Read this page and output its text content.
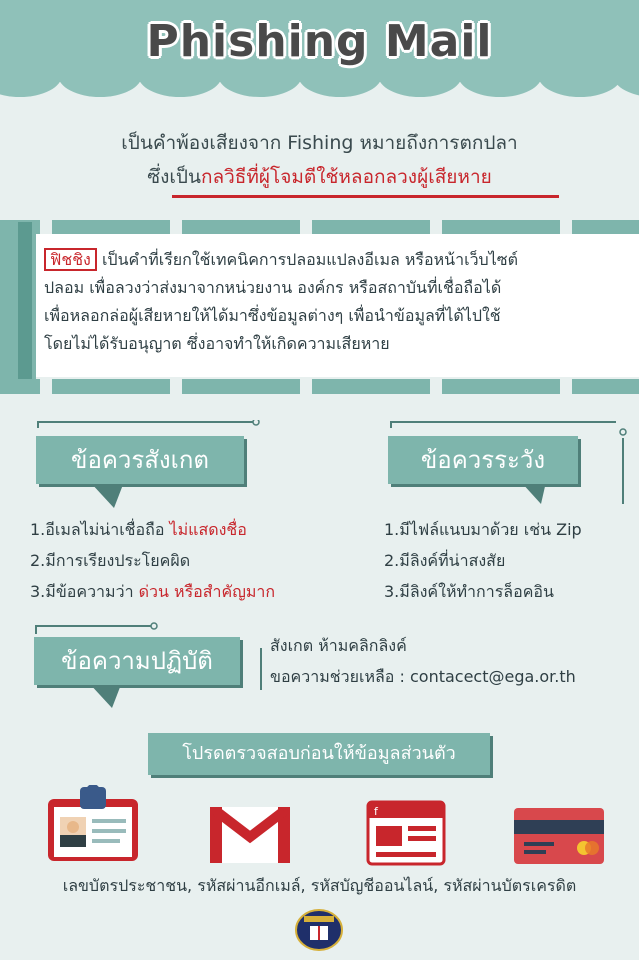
Phishing Mail
เป็นคำพ้องเสียงจาก Fishing หมายถึงการตกปลา
ซึ่งเป็นกลวิธีที่ผู้โจมตีใช้หลอกลวงผู้เสียหาย
ฟิชชิง เป็นคำที่เรียกใช้เทคนิคการปลอมแปลงอีเมล หรือหน้าเว็บไซต์
ปลอม เพื่อลวงว่าส่งมาจากหน่วยงาน องค์กร หรือสถาบันที่เชื่อถือได้
เพื่อหลอกล่อผู้เสียหายให้ได้มาซึ่งข้อมูลต่างๆ เพื่อนำข้อมูลที่ได้ไปใช้
โดยไม่ได้รับอนุญาต ซึ่งอาจทำให้เกิดความเสียหาย
ข้อควรสังเกต	ข้อควรระวัง
1.อีเมลไม่น่าเชื่อถือ ไม่แสดงชื่อ
2.มีการเรียงประโยคผิด
3.มีข้อความว่า ด่วน หรือสำคัญมาก
1.มีไฟล์แนบมาด้วย เช่น Zip
2.มีลิงค์ที่น่าสงสัย
3.มีลิงค์ให้ทำการล็อคอิน
ข้อความปฏิบัติ
สังเกต ห้ามคลิกลิงค์
ขอความช่วยเหลือ : contacect@ega.or.th
โปรดตรวจสอบก่อนให้ข้อมูลส่วนตัว
f
เลขบัตรประชาชน, รหัสผ่านอีกเมล์, รหัสบัญชีออนไลน์, รหัสผ่านบัตรเครดิต
